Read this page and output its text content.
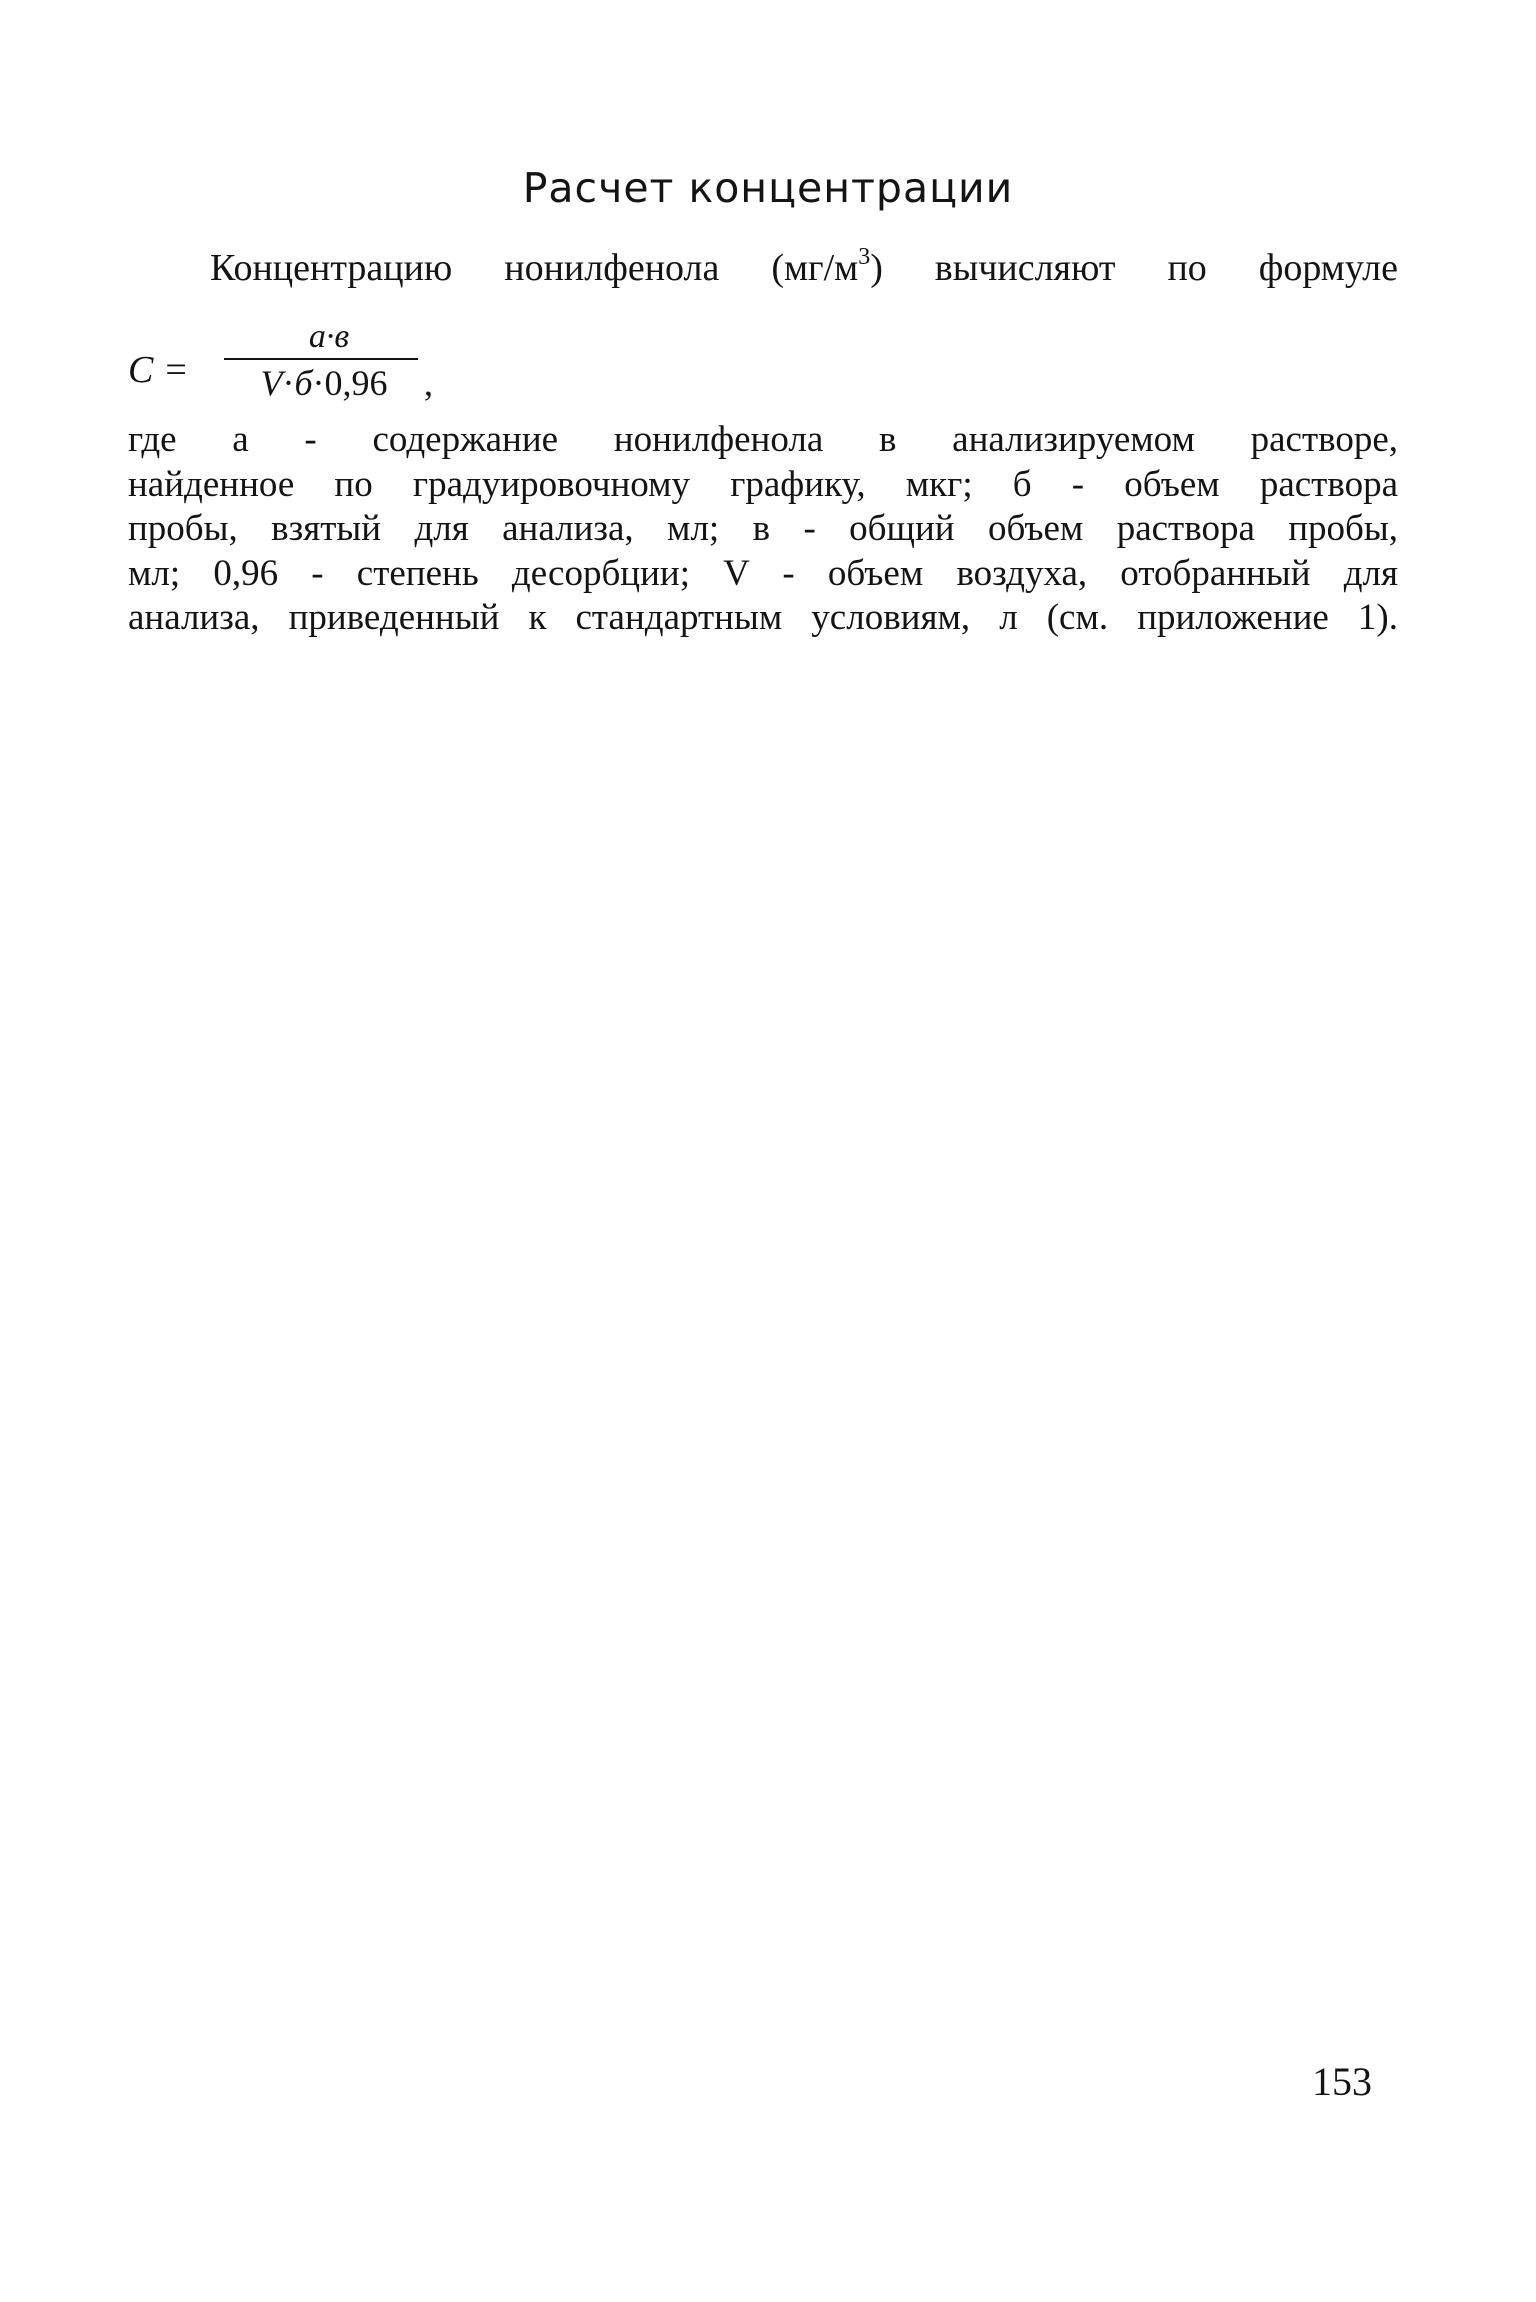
Расчет концентрации

Концентрацию нонилфенола $(мг/м^3)$ вычисляют по формуле

C =
а·в
V·б·0,96	,
где а - содержание нонилфенола в анализируемом растворе,
найденное по градуировочному графику, мкг; б - объем раствора
пробы, взятый для анализа, мл; в - общий объем раствора пробы,
мл; 0,96 - степень десорбции; V - объем воздуха, отобранный для
анализа, приведенный к стандартным условиям, л (см. приложение 1).
153
